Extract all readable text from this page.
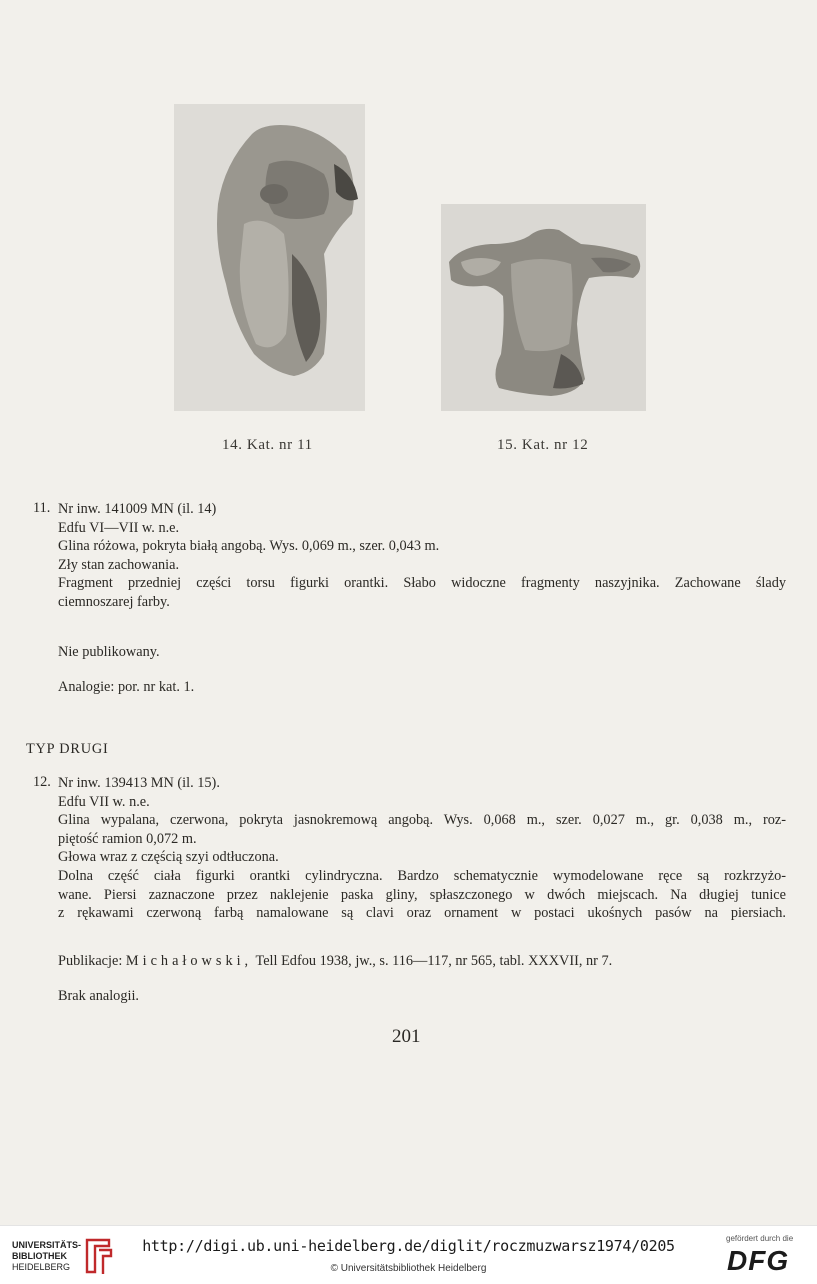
14. Kat. nr 11	15. Kat. nr 12
11. Nr inw. 141009 MN (il. 14)
Edfu VI—VII w. n.e.
Glina różowa, pokryta białą angobą. Wys. 0,069 m., szer. 0,043 m.
Zły stan zachowania.
Fragment przedniej części torsu figurki orantki. Słabo widoczne fragmenty naszyjnika. Zachowane ślady
ciemnoszarej farby.
Nie publikowany.
Analogie: por. nr kat. 1.
TYP DRUGI
12. Nr inw. 139413 MN (il. 15).
Edfu VII w. n.e.
Glina wypalana, czerwona, pokryta jasnokremową angobą. Wys. 0,068 m., szer. 0,027 m., gr. 0,038 m., roz-
piętość ramion 0,072 m.
Głowa wraz z częścią szyi odtłuczona.
Dolna część ciała figurki orantki cylindryczna. Bardzo schematycznie wymodelowane ręce są rozkrzyżo-
wane. Piersi zaznaczone przez naklejenie paska gliny, spłaszczonego w dwóch miejscach. Na długiej tunice
z rękawami czerwoną farbą namalowane są clavi oraz ornament w postaci ukośnych pasów na piersiach.
Publikacje: Michałowski, Tell Edfou 1938, jw., s. 116—117, nr 565, tabl. XXXVII, nr 7.
Brak analogii.
201
UNIVERSITÄTS-
BIBLIOTHEK
HEIDELBERG
http://digi.ub.uni-heidelberg.de/diglit/roczmuzwarsz1974/0205
© Universitätsbibliothek Heidelberg
gefördert durch die
DFG
